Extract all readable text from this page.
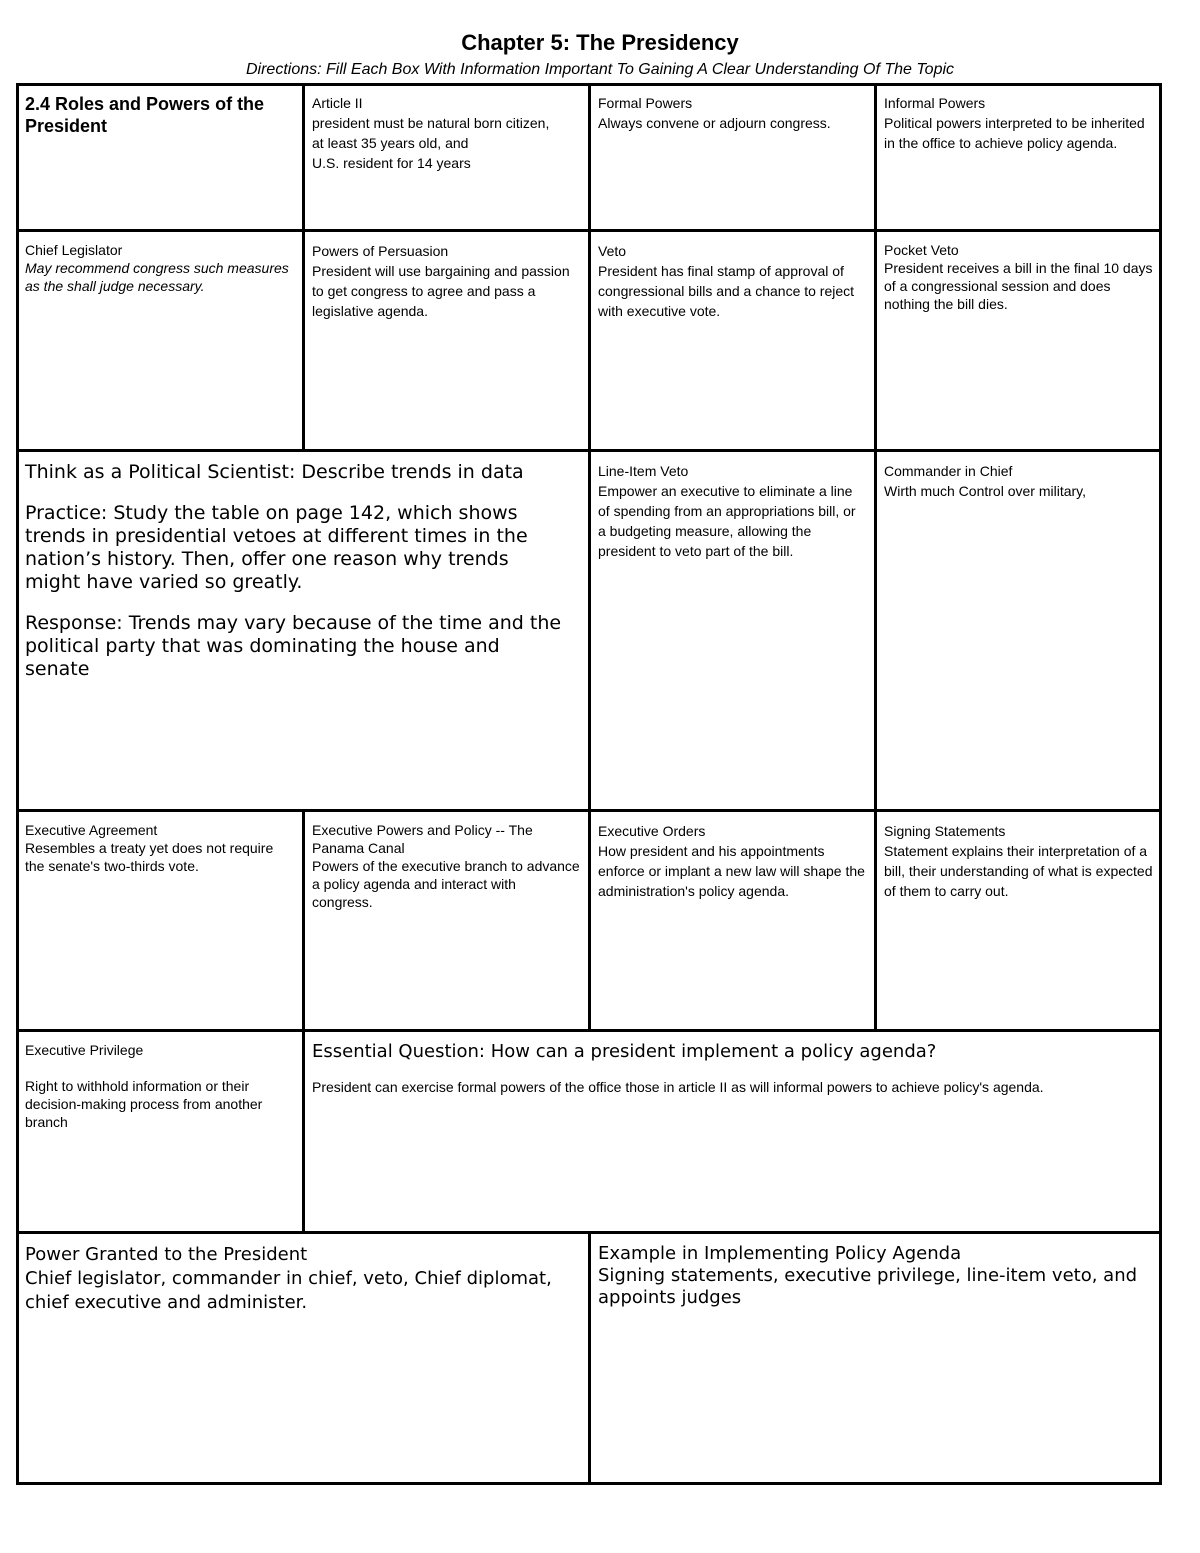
Chapter 5: The Presidency
Directions: Fill Each Box With Information Important To Gaining A Clear Understanding Of The Topic
2.4 Roles and Powers of the President
Article II
president must be natural born citizen,
at least 35 years old, and
U.S. resident for 14 years
Formal Powers
Always convene or adjourn congress.
Informal Powers
Political powers interpreted to be inherited in the office to achieve policy agenda.
Chief Legislator
May recommend congress such measures as the shall judge necessary.
Powers of Persuasion
President will use bargaining and passion to get congress to agree and pass a legislative agenda.
Veto
President has final stamp of approval of congressional bills and a chance to reject with executive vote.
Pocket Veto
President receives a bill in the final 10 days of a congressional session and does nothing the bill dies.
Think as a Political Scientist: Describe trends in data
Practice: Study the table on page 142, which shows trends in presidential vetoes at different times in the nation’s history. Then, offer one reason why trends might have varied so greatly.
Response: Trends may vary because of the time and the political party that was dominating the house and senate
Line-Item Veto
Empower an executive to eliminate a line of spending from an appropriations bill, or a budgeting measure, allowing the president to veto part of the bill.
Commander in Chief
Wirth much Control over military,
Executive Agreement
Resembles a treaty yet does not require the senate's two-thirds vote.
Executive Powers and Policy -- The Panama Canal
Powers of the executive branch to advance a policy agenda and interact with congress.
Executive Orders
How president and his appointments enforce or implant a new law will shape the administration's policy agenda.
Signing Statements
Statement explains their interpretation of a bill, their understanding of what is expected of them to carry out.
Executive Privilege
Right to withhold information or their decision-making process from another branch
Essential Question: How can a president implement a policy agenda?
President can exercise formal powers of the office those in article II as will informal powers to achieve policy's agenda.
Power Granted to the President
Chief legislator, commander in chief, veto, Chief diplomat, chief executive and administer.
Example in Implementing Policy Agenda
Signing statements, executive privilege, line-item veto, and appoints judges
